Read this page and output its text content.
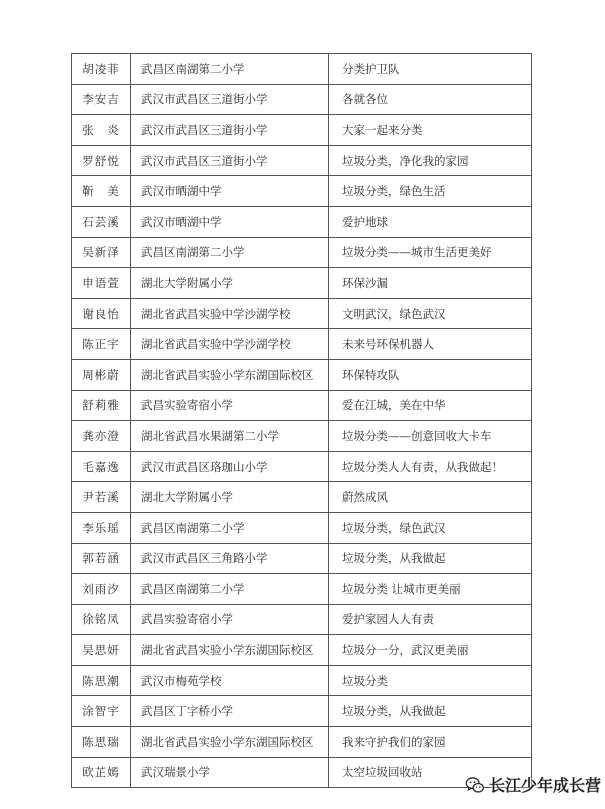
胡凌菲	武昌区南湖第二小学	分类护卫队
李安吉	武汉市武昌区三道街小学	各就各位
张　炎	武汉市武昌区三道街小学	大家一起来分类
罗舒悦	武汉市武昌区三道街小学	垃圾分类，净化我的家园
靳　美	武汉市晒湖中学	垃圾分类，绿色生活
石芸溪	武汉市晒湖中学	爱护地球
吴新泽	武昌区南湖第二小学	垃圾分类——城市生活更美好
申语萱	湖北大学附属小学	环保沙漏
谢良怡	湖北省武昌实验中学沙湖学校	文明武汉，绿色武汉
陈正宇	湖北省武昌实验中学沙湖学校	未来号环保机器人
周彬蔚	湖北省武昌实验小学东湖国际校区	环保特攻队
舒莉雅	武昌实验寄宿小学	爱在江城，美在中华
龚亦澄	湖北省武昌水果湖第二小学	垃圾分类——创意回收大卡车
毛嘉逸	武汉市武昌区珞珈山小学	垃圾分类人人有责，从我做起！
尹若溪	湖北大学附属小学	蔚然成风
李乐瑶	武昌区南湖第二小学	垃圾分类，绿色武汉
郭若涵	武汉市武昌区三角路小学	垃圾分类，从我做起
刘雨汐	武昌区南湖第二小学	垃圾分类 让城市更美丽
徐铭凤	武昌实验寄宿小学	爱护家园人人有责
吴思妍	湖北省武昌实验小学东湖国际校区	垃圾分一分，武汉更美丽
陈思潮	武汉市梅苑学校	垃圾分类
涂智宇	武昌区丁字桥小学	垃圾分类，从我做起
陈思瑞	湖北省武昌实验小学东湖国际校区	我来守护我们的家园
欧芷嫣	武汉瑞景小学	太空垃圾回收站
长江少年成长营
